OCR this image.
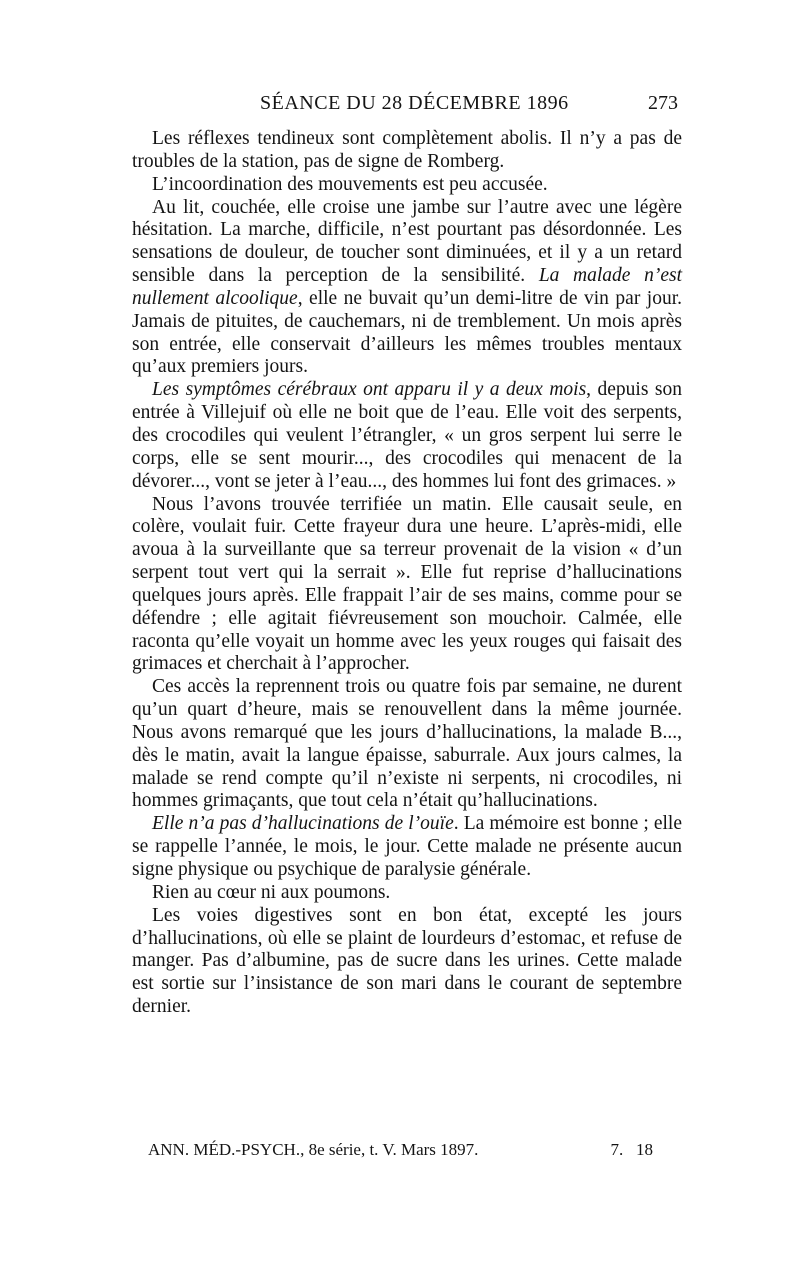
SÉANCE DU 28 DÉCEMBRE 1896	273

Les réflexes tendineux sont complètement abolis. Il n’y a pas de troubles de la station, pas de signe de Romberg.

L’incoordination des mouvements est peu accusée.

Au lit, couchée, elle croise une jambe sur l’autre avec une légère hésitation. La marche, difficile, n’est pourtant pas désordonnée. Les sensations de douleur, de toucher sont diminuées, et il y a un retard sensible dans la perception de la sensibilité. La malade n’est nullement alcoolique, elle ne buvait qu’un demi-litre de vin par jour. Jamais de pituites, de cauchemars, ni de tremblement. Un mois après son entrée, elle conservait d’ailleurs les mêmes troubles mentaux qu’aux premiers jours.

Les symptômes cérébraux ont apparu il y a deux mois, depuis son entrée à Villejuif où elle ne boit que de l’eau. Elle voit des serpents, des crocodiles qui veulent l’étrangler, « un gros serpent lui serre le corps, elle se sent mourir..., des crocodiles qui menacent de la dévorer..., vont se jeter à l’eau..., des hommes lui font des grimaces. »

Nous l’avons trouvée terrifiée un matin. Elle causait seule, en colère, voulait fuir. Cette frayeur dura une heure. L’après-midi, elle avoua à la surveillante que sa terreur provenait de la vision « d’un serpent tout vert qui la serrait ». Elle fut reprise d’hallucinations quelques jours après. Elle frappait l’air de ses mains, comme pour se défendre ; elle agitait fiévreusement son mouchoir. Calmée, elle raconta qu’elle voyait un homme avec les yeux rouges qui faisait des grimaces et cherchait à l’approcher.

Ces accès la reprennent trois ou quatre fois par semaine, ne durent qu’un quart d’heure, mais se renouvellent dans la même journée. Nous avons remarqué que les jours d’hallucinations, la malade B..., dès le matin, avait la langue épaisse, saburrale. Aux jours calmes, la malade se rend compte qu’il n’existe ni serpents, ni crocodiles, ni hommes grimaçants, que tout cela n’était qu’hallucinations.

Elle n’a pas d’hallucinations de l’ouïe. La mémoire est bonne ; elle se rappelle l’année, le mois, le jour. Cette malade ne présente aucun signe physique ou psychique de paralysie générale.

Rien au cœur ni aux poumons.

Les voies digestives sont en bon état, excepté les jours d’hallucinations, où elle se plaint de lourdeurs d’estomac, et refuse de manger. Pas d’albumine, pas de sucre dans les urines. Cette malade est sortie sur l’insistance de son mari dans le courant de septembre dernier.

ANN. MÉD.-PSYCH., 8e série, t. V. Mars 1897.	7.   18
